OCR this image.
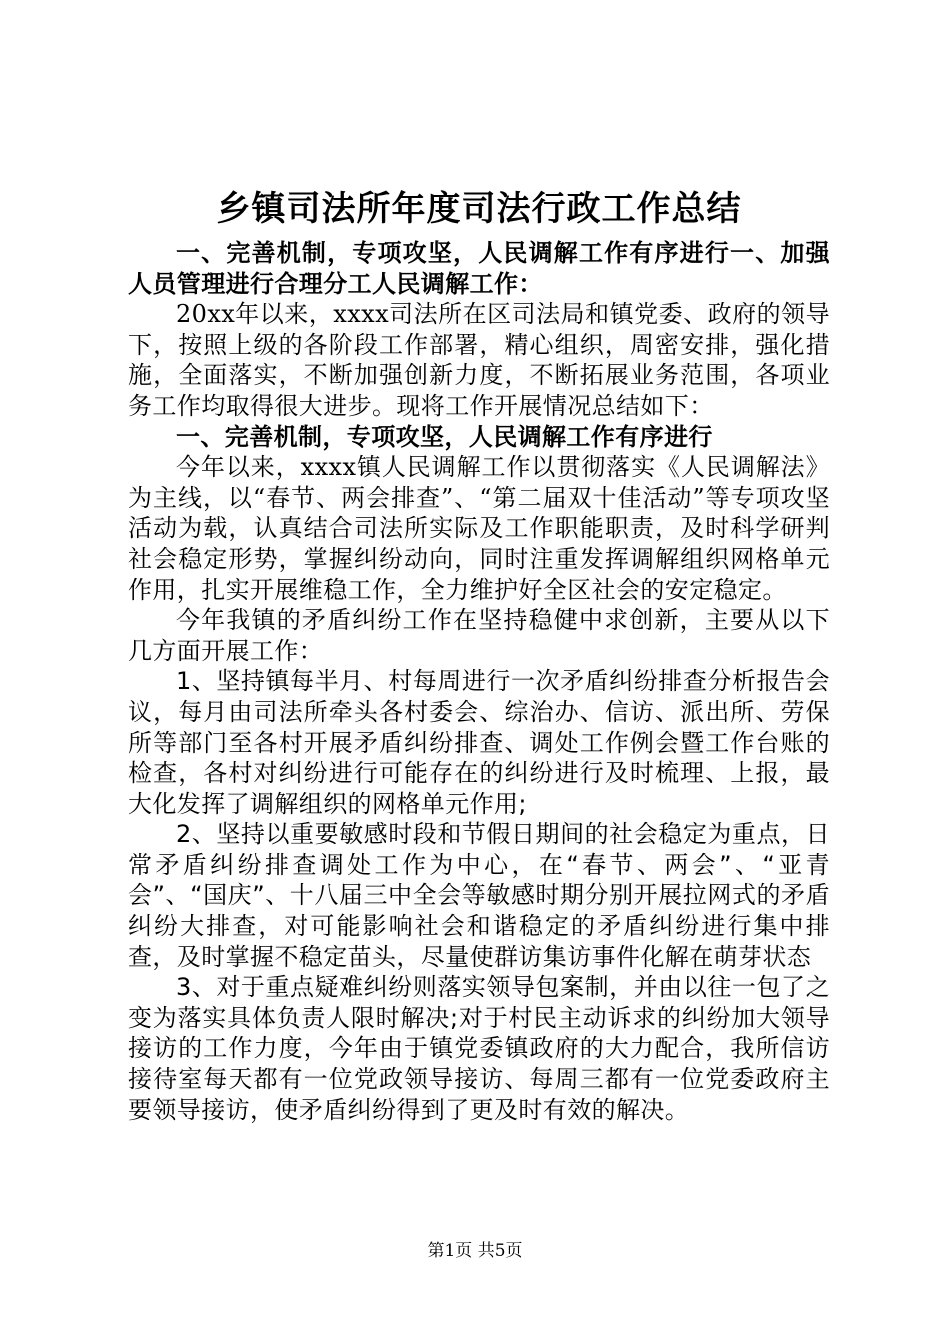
乡镇司法所年度司法行政工作总结

一、完善机制，专项攻坚，人民调解工作有序进行一、加强人员管理进行合理分工人民调解工作：

20xx年以来，xxxx司法所在区司法局和镇党委、政府的领导下，按照上级的各阶段工作部署，精心组织，周密安排，强化措施，全面落实，不断加强创新力度，不断拓展业务范围，各项业务工作均取得很大进步。现将工作开展情况总结如下：

一、完善机制，专项攻坚，人民调解工作有序进行

今年以来，xxxx镇人民调解工作以贯彻落实《人民调解法》为主线，以“春节、两会排查”、“第二届双十佳活动”等专项攻坚活动为载，认真结合司法所实际及工作职能职责，及时科学研判社会稳定形势，掌握纠纷动向，同时注重发挥调解组织网格单元作用，扎实开展维稳工作，全力维护好全区社会的安定稳定。

今年我镇的矛盾纠纷工作在坚持稳健中求创新，主要从以下几方面开展工作：

1、坚持镇每半月、村每周进行一次矛盾纠纷排查分析报告会议，每月由司法所牵头各村委会、综治办、信访、派出所、劳保所等部门至各村开展矛盾纠纷排查、调处工作例会暨工作台账的检查，各村对纠纷进行可能存在的纠纷进行及时梳理、上报，最大化发挥了调解组织的网格单元作用;

2、坚持以重要敏感时段和节假日期间的社会稳定为重点，日常矛盾纠纷排查调处工作为中心，在“春节、两会”、“亚青会”、“国庆”、十八届三中全会等敏感时期分别开展拉网式的矛盾纠纷大排查，对可能影响社会和谐稳定的矛盾纠纷进行集中排查，及时掌握不稳定苗头，尽量使群访集访事件化解在萌芽状态

3、对于重点疑难纠纷则落实领导包案制，并由以往一包了之变为落实具体负责人限时解决;对于村民主动诉求的纠纷加大领导接访的工作力度，今年由于镇党委镇政府的大力配合，我所信访接待室每天都有一位党政领导接访、每周三都有一位党委政府主要领导接访，使矛盾纠纷得到了更及时有效的解决。

第1页 共5页
